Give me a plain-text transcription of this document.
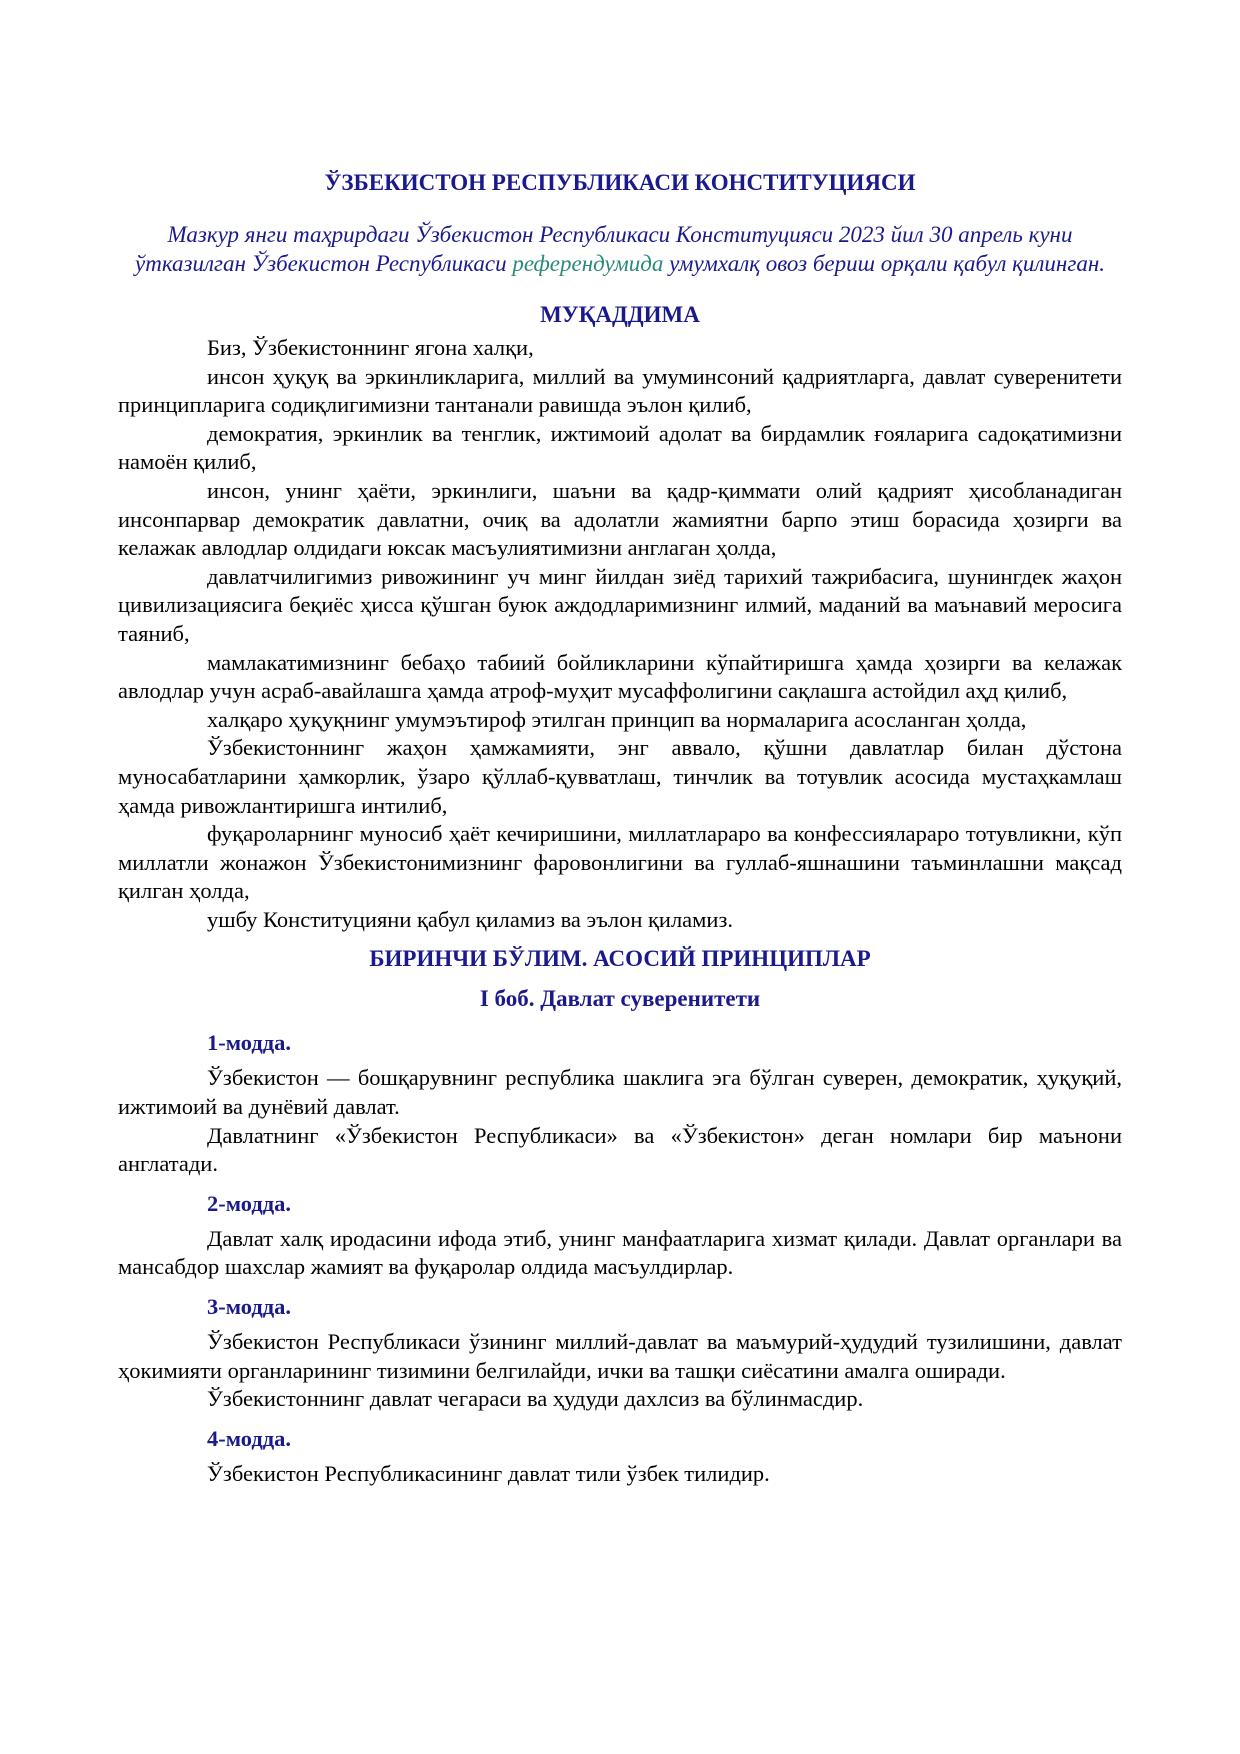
ЎЗБЕКИСТОН РЕСПУБЛИКАСИ КОНСТИТУЦИЯСИ

Мазкур янги таҳрирдаги Ўзбекистон Республикаси Конституцияси 2023 йил 30 апрель куни ўтказилган Ўзбекистон Республикаси референдумида умумхалқ овоз бериш орқали қабул қилинган.

МУҚАДДИМА

Биз, Ўзбекистоннинг ягона халқи,

инсон ҳуқуқ ва эркинликларига, миллий ва умуминсоний қадриятларга, давлат суверенитети принципларига содиқлигимизни тантанали равишда эълон қилиб,

демократия, эркинлик ва тенглик, ижтимоий адолат ва бирдамлик ғояларига садоқатимизни намоён қилиб,

инсон, унинг ҳаёти, эркинлиги, шаъни ва қадр-қиммати олий қадрият ҳисобланадиган инсонпарвар демократик давлатни, очиқ ва адолатли жамиятни барпо этиш борасида ҳозирги ва келажак авлодлар олдидаги юксак масъулиятимизни англаган ҳолда,

давлатчилигимиз ривожининг уч минг йилдан зиёд тарихий тажрибасига, шунингдек жаҳон цивилизациясига беқиёс ҳисса қўшган буюк аждодларимизнинг илмий, маданий ва маънавий меросига таяниб,

мамлакатимизнинг бебаҳо табиий бойликларини кўпайтиришга ҳамда ҳозирги ва келажак авлодлар учун асраб-авайлашга ҳамда атроф-муҳит мусаффолигини сақлашга астойдил аҳд қилиб,

халқаро ҳуқуқнинг умумэътироф этилган принцип ва нормаларига асосланган ҳолда,

Ўзбекистоннинг жаҳон ҳамжамияти, энг аввало, қўшни давлатлар билан дўстона муносабатларини ҳамкорлик, ўзаро қўллаб-қувватлаш, тинчлик ва тотувлик асосида мустаҳкамлаш ҳамда ривожлантиришга интилиб,

фуқароларнинг муносиб ҳаёт кечиришини, миллатлараро ва конфессиялараро тотувликни, кўп миллатли жонажон Ўзбекистонимизнинг фаровонлигини ва гуллаб-яшнашини таъминлашни мақсад қилган ҳолда,

ушбу Конституцияни қабул қиламиз ва эълон қиламиз.

БИРИНЧИ БЎЛИМ. АСОСИЙ ПРИНЦИПЛАР
I боб. Давлат суверенитети
1-модда.

Ўзбекистон — бошқарувнинг республика шаклига эга бўлган суверен, демократик, ҳуқуқий, ижтимоий ва дунёвий давлат.

Давлатнинг «Ўзбекистон Республикаси» ва «Ўзбекистон» деган номлари бир маънони англатади.

2-модда.

Давлат халқ иродасини ифода этиб, унинг манфаатларига хизмат қилади. Давлат органлари ва мансабдор шахслар жамият ва фуқаролар олдида масъулдирлар.

3-модда.

Ўзбекистон Республикаси ўзининг миллий-давлат ва маъмурий-ҳудудий тузилишини, давлат ҳокимияти органларининг тизимини белгилайди, ички ва ташқи сиёсатини амалга оширади.

Ўзбекистоннинг давлат чегараси ва ҳудуди дахлсиз ва бўлинмасдир.

4-модда.

Ўзбекистон Республикасининг давлат тили ўзбек тилидир.
